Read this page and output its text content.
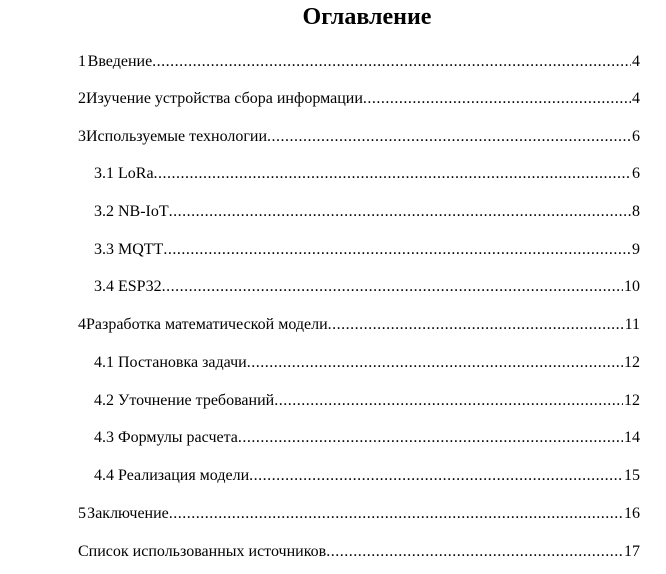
Оглавление
1 Введение .....	4
2 Изучение устройства сбора информации .....	4
3 Используемые технологии .....	6
3.1 LoRa .....	6
3.2 NB-IoT .....	8
3.3 MQTT .....	9
3.4 ESP32 .....	10
4 Разработка математической модели .....	11
4.1 Постановка задачи .....	12
4.2 Уточнение требований .....	12
4.3 Формулы расчета .....	14
4.4 Реализация модели .....	15
5 Заключение .....	16
Список использованных источников .....	17
